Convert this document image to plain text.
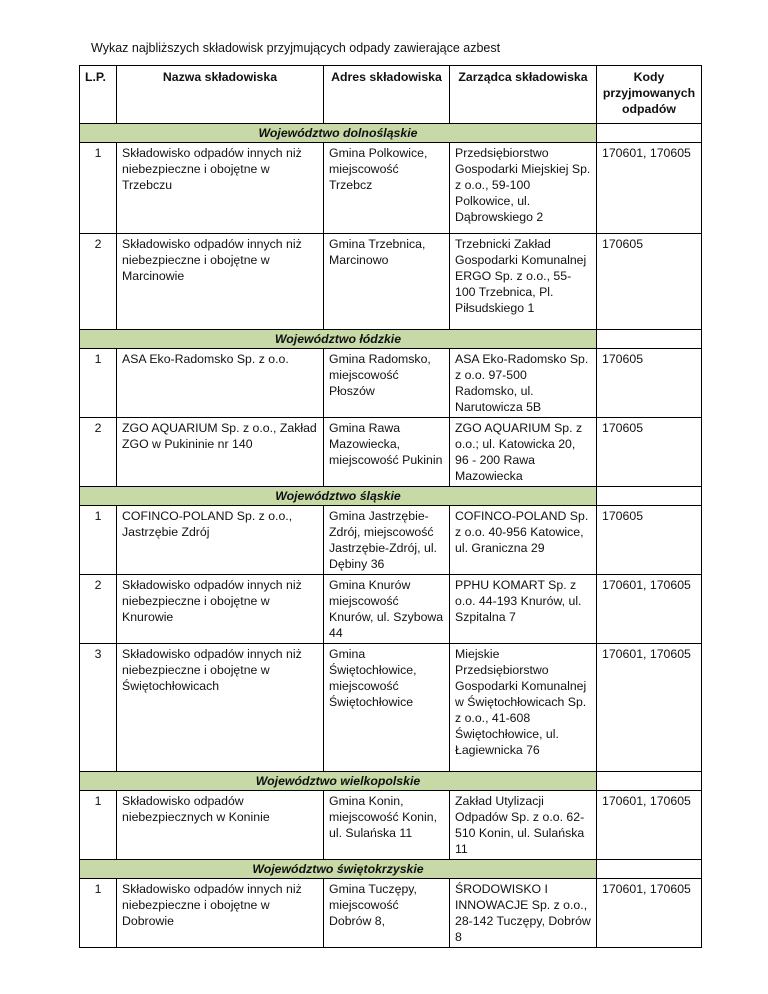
Wykaz najbliższych składowisk przyjmujących odpady zawierające azbest
L.P.	Nazwa składowiska	Adres składowiska	Zarządca składowiska	Kody przyjmowanych odpadów
Województwo dolnośląskie				
1	Składowisko odpadów innych niż niebezpieczne i obojętne w Trzebczu	Gmina Polkowice, miejscowość Trzebcz	Przedsiębiorstwo Gospodarki Miejskiej Sp. z o.o., 59-100 Polkowice, ul. Dąbrowskiego 2	170601, 170605
2	Składowisko odpadów innych niż niebezpieczne i obojętne w Marcinowie	Gmina Trzebnica, Marcinowo	Trzebnicki Zakład Gospodarki Komunalnej ERGO Sp. z o.o., 55-100 Trzebnica, Pl. Piłsudskiego 1	170605
Województwo łódzkie				
1	ASA Eko-Radomsko Sp. z o.o.	Gmina Radomsko, miejscowość Płoszów	ASA Eko-Radomsko Sp. z o.o. 97-500 Radomsko, ul. Narutowicza 5B	170605
2	ZGO AQUARIUM Sp. z o.o., Zakład ZGO w Pukininie nr 140	Gmina Rawa Mazowiecka, miejscowość Pukinin	ZGO AQUARIUM Sp. z o.o.; ul. Katowicka 20, 96 - 200 Rawa Mazowiecka	170605
Województwo śląskie				
1	COFINCO-POLAND Sp. z o.o., Jastrzębie Zdrój	Gmina Jastrzębie-Zdrój, miejscowość Jastrzębie-Zdrój, ul. Dębiny 36	COFINCO-POLAND Sp. z o.o. 40-956 Katowice, ul. Graniczna 29	170605
2	Składowisko odpadów innych niż niebezpieczne i obojętne w Knurowie	Gmina Knurów miejscowość Knurów, ul. Szybowa 44	PPHU KOMART Sp. z o.o. 44-193 Knurów, ul. Szpitalna 7	170601, 170605
3	Składowisko odpadów innych niż niebezpieczne i obojętne w Świętochłowicach	Gmina Świętochłowice, miejscowość Świętochłowice	Miejskie Przedsiębiorstwo Gospodarki Komunalnej w Świętochłowicach Sp. z o.o., 41-608 Świętochłowice, ul. Łagiewnicka 76	170601, 170605
Województwo wielkopolskie				
1	Składowisko odpadów niebezpiecznych w Koninie	Gmina Konin, miejscowość Konin, ul. Sulańska 11	Zakład Utylizacji Odpadów Sp. z o.o. 62-510 Konin, ul. Sulańska 11	170601, 170605
Województwo świętokrzyskie				
1	Składowisko odpadów innych niż niebezpieczne i obojętne w Dobrowie	Gmina Tuczępy, miejscowość Dobrów 8,	ŚRODOWISKO I INNOWACJE Sp. z o.o., 28-142 Tuczępy, Dobrów 8	170601, 170605
